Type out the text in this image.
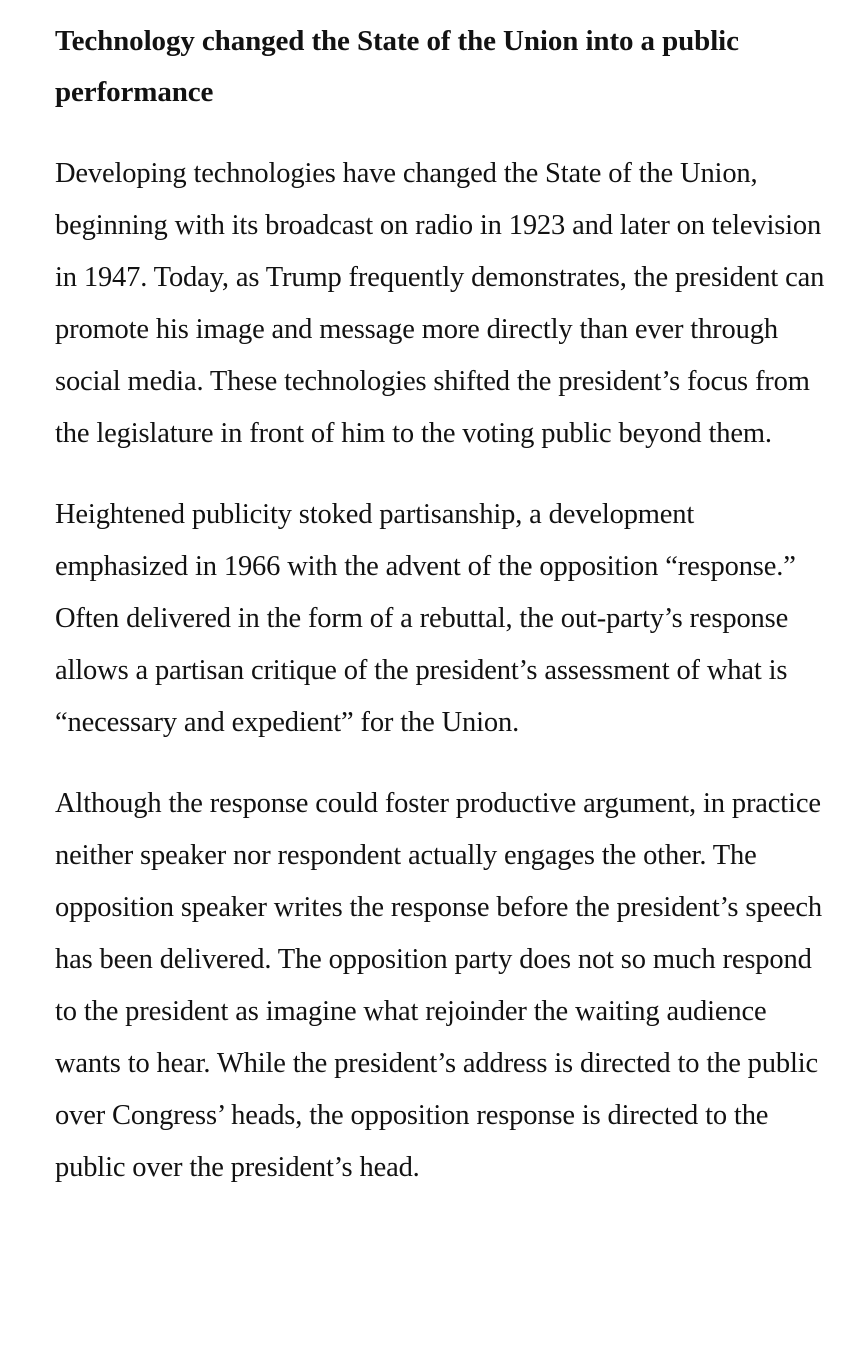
Technology changed the State of the Union into a public performance

Developing technologies have changed the State of the Union, beginning with its broadcast on radio in 1923 and later on television in 1947. Today, as Trump frequently demonstrates, the president can promote his image and message more directly than ever through social media. These technologies shifted the president’s focus from the legislature in front of him to the voting public beyond them.

Heightened publicity stoked partisanship, a development emphasized in 1966 with the advent of the opposition “response.” Often delivered in the form of a rebuttal, the out-party’s response allows a partisan critique of the president’s assessment of what is “necessary and expedient” for the Union.

Although the response could foster productive argument, in practice neither speaker nor respondent actually engages the other. The opposition speaker writes the response before the president’s speech has been delivered. The opposition party does not so much respond to the president as imagine what rejoinder the waiting audience wants to hear. While the president’s address is directed to the public over Congress’ heads, the opposition response is directed to the public over the president’s head.
